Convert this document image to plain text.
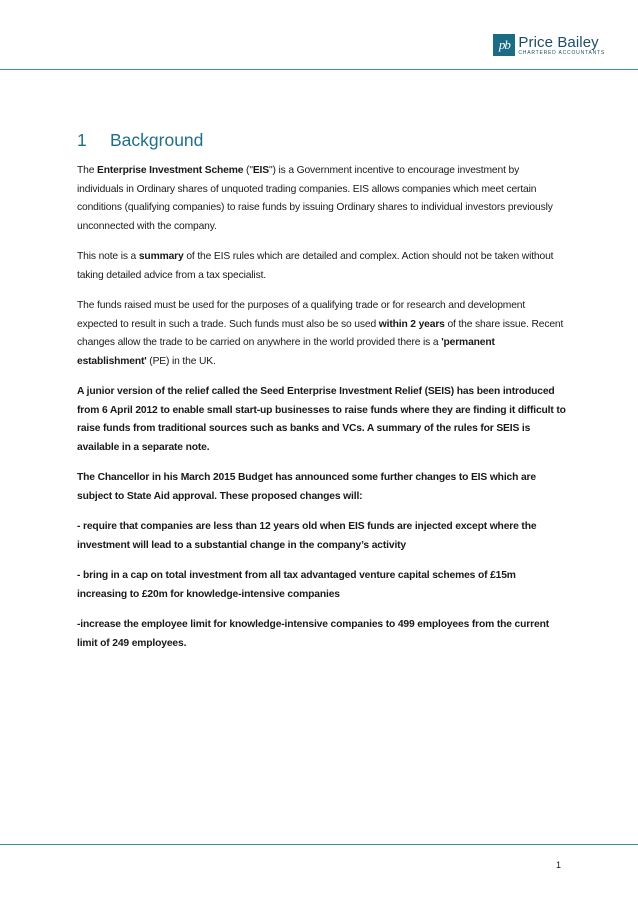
pb Price Bailey
CHARTERED ACCOUNTANTS
1	Background

The Enterprise Investment Scheme ("EIS") is a Government incentive to encourage investment by individuals in Ordinary shares of unquoted trading companies. EIS allows companies which meet certain conditions (qualifying companies) to raise funds by issuing Ordinary shares to individual investors previously unconnected with the company.

This note is a summary of the EIS rules which are detailed and complex. Action should not be taken without taking detailed advice from a tax specialist.

The funds raised must be used for the purposes of a qualifying trade or for research and development expected to result in such a trade. Such funds must also be so used within 2 years of the share issue. Recent changes allow the trade to be carried on anywhere in the world provided there is a 'permanent establishment' (PE) in the UK.

A junior version of the relief called the Seed Enterprise Investment Relief (SEIS) has been introduced from 6 April 2012 to enable small start-up businesses to raise funds where they are finding it difficult to raise funds from traditional sources such as banks and VCs. A summary of the rules for SEIS is available in a separate note.

The Chancellor in his March 2015 Budget has announced some further changes to EIS which are subject to State Aid approval. These proposed changes will:

- require that companies are less than 12 years old when EIS funds are injected except where the investment will lead to a substantial change in the company’s activity

- bring in a cap on total investment from all tax advantaged venture capital schemes of £15m increasing to £20m for knowledge-intensive companies

-increase the employee limit for knowledge-intensive companies to 499 employees from the current limit of 249 employees.

1
